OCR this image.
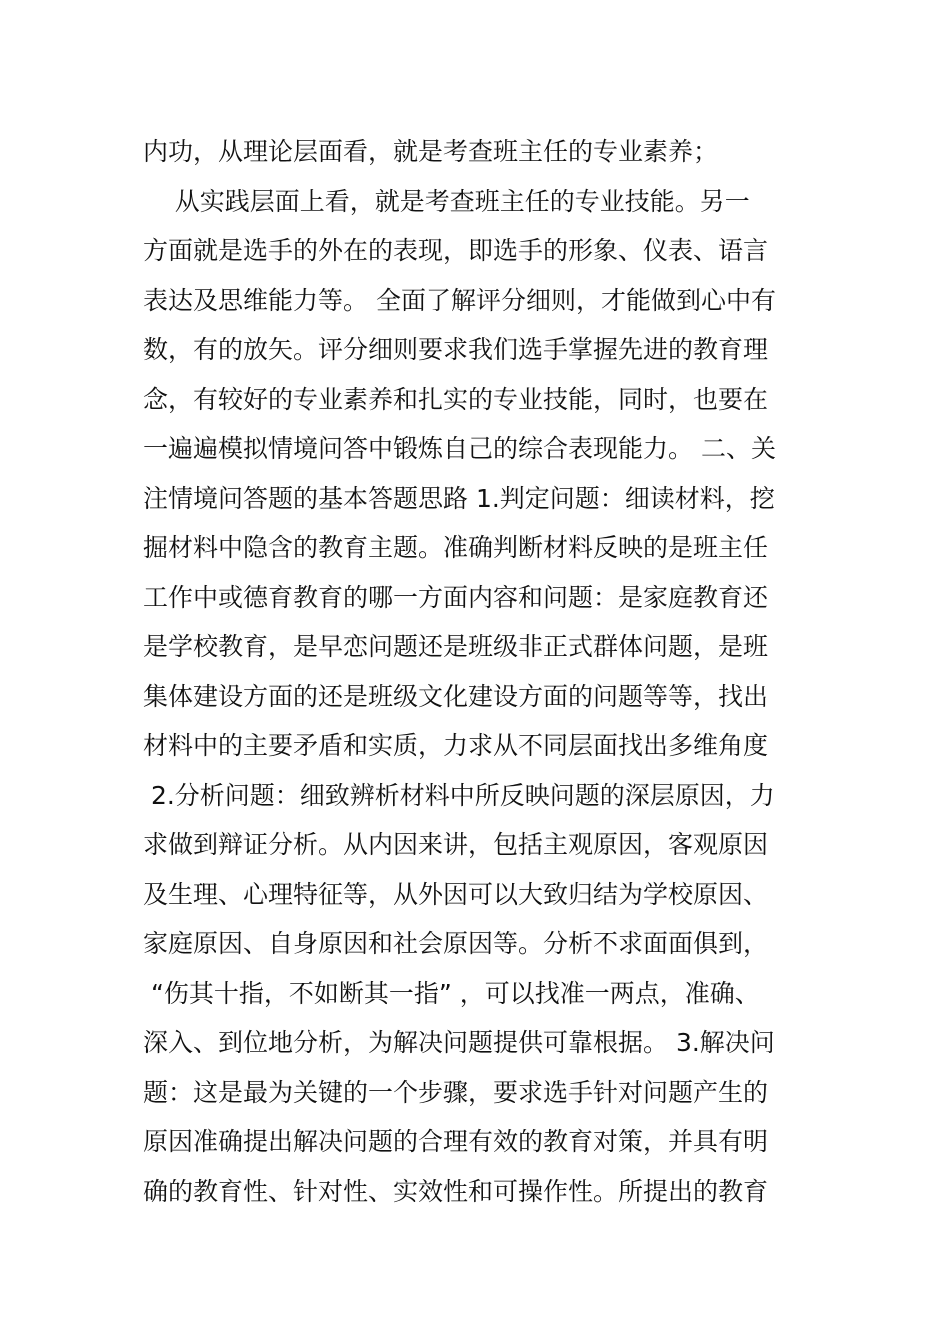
内功，从理论层面看，就是考查班主任的专业素养；
从实践层面上看，就是考查班主任的专业技能。另一
方面就是选手的外在的表现，即选手的形象、仪表、语言
表达及思维能力等。 全面了解评分细则，才能做到心中有
数，有的放矢。评分细则要求我们选手掌握先进的教育理
念，有较好的专业素养和扎实的专业技能，同时，也要在
一遍遍模拟情境问答中锻炼自己的综合表现能力。 二、关
注情境问答题的基本答题思路 1.判定问题：细读材料，挖
掘材料中隐含的教育主题。准确判断材料反映的是班主任
工作中或德育教育的哪一方面内容和问题：是家庭教育还
是学校教育，是早恋问题还是班级非正式群体问题，是班
集体建设方面的还是班级文化建设方面的问题等等，找出
材料中的主要矛盾和实质，力求从不同层面找出多维角度
2.分析问题：细致辨析材料中所反映问题的深层原因，力
求做到辩证分析。从内因来讲，包括主观原因，客观原因
及生理、心理特征等，从外因可以大致归结为学校原因、
家庭原因、自身原因和社会原因等。分析不求面面俱到，
“伤其十指，不如断其一指” ，可以找准一两点，准确、
深入、到位地分析，为解决问题提供可靠根据。 3.解决问
题：这是最为关键的一个步骤，要求选手针对问题产生的
原因准确提出解决问题的合理有效的教育对策，并具有明
确的教育性、针对性、实效性和可操作性。所提出的教育
